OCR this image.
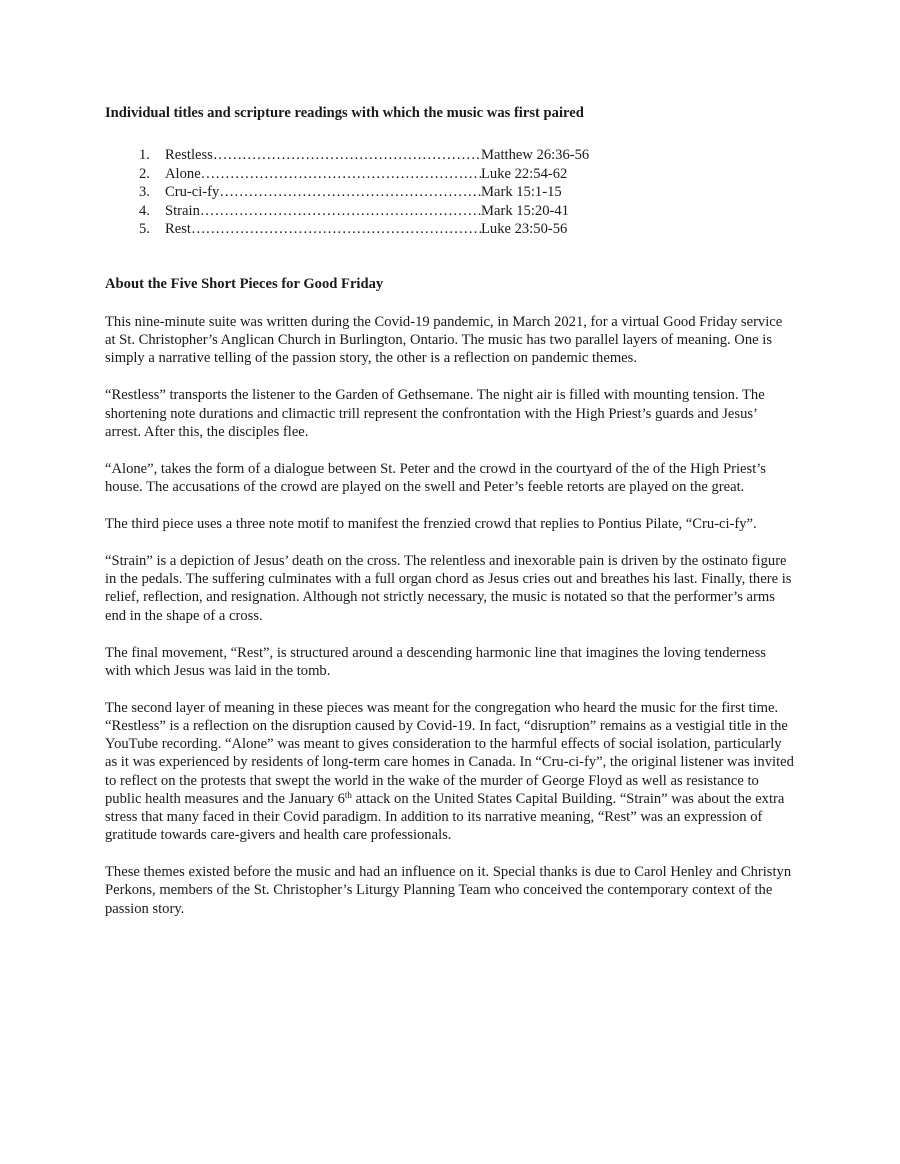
Individual titles and scripture readings with which the music was first paired
1.	Restless ……………………………………………………………………………………………	Matthew 26:36-56
2.	Alone ……………………………………………………………………………………………	Luke 22:54-62
3.	Cru-ci-fy ……………………………………………………………………………………………	Mark 15:1-15
4.	Strain ……………………………………………………………………………………………	Mark 15:20-41
5.	Rest ……………………………………………………………………………………………	Luke 23:50-56
About the Five Short Pieces for Good Friday

This nine-minute suite was written during the Covid-19 pandemic, in March 2021, for a virtual Good Friday service at St. Christopher’s Anglican Church in Burlington, Ontario. The music has two parallel layers of meaning. One is simply a narrative telling of the passion story, the other is a reflection on pandemic themes.

“Restless” transports the listener to the Garden of Gethsemane. The night air is filled with mounting tension. The shortening note durations and climactic trill represent the confrontation with the High Priest’s guards and Jesus’ arrest. After this, the disciples flee.

“Alone”, takes the form of a dialogue between St. Peter and the crowd in the courtyard of the of the High Priest’s house. The accusations of the crowd are played on the swell and Peter’s feeble retorts are played on the great.

The third piece uses a three note motif to manifest the frenzied crowd that replies to Pontius Pilate, “Cru-ci-fy”.

“Strain” is a depiction of Jesus’ death on the cross. The relentless and inexorable pain is driven by the ostinato figure in the pedals. The suffering culminates with a full organ chord as Jesus cries out and breathes his last. Finally, there is relief, reflection, and resignation. Although not strictly necessary, the music is notated so that the performer’s arms end in the shape of a cross.

The final movement, “Rest”, is structured around a descending harmonic line that imagines the loving tenderness with which Jesus was laid in the tomb.

The second layer of meaning in these pieces was meant for the congregation who heard the music for the first time. “Restless” is a reflection on the disruption caused by Covid-19. In fact, “disruption” remains as a vestigial title in the YouTube recording. “Alone” was meant to gives consideration to the harmful effects of social isolation, particularly as it was experienced by residents of long-term care homes in Canada. In “Cru-ci-fy”, the original listener was invited to reflect on the protests that swept the world in the wake of the murder of George Floyd as well as resistance to public health measures and the January 6th attack on the United States Capital Building. “Strain” was about the extra stress that many faced in their Covid paradigm. In addition to its narrative meaning, “Rest” was an expression of gratitude towards care-givers and health care professionals.

These themes existed before the music and had an influence on it. Special thanks is due to Carol Henley and Christyn Perkons, members of the St. Christopher’s Liturgy Planning Team who conceived the contemporary context of the passion story.
